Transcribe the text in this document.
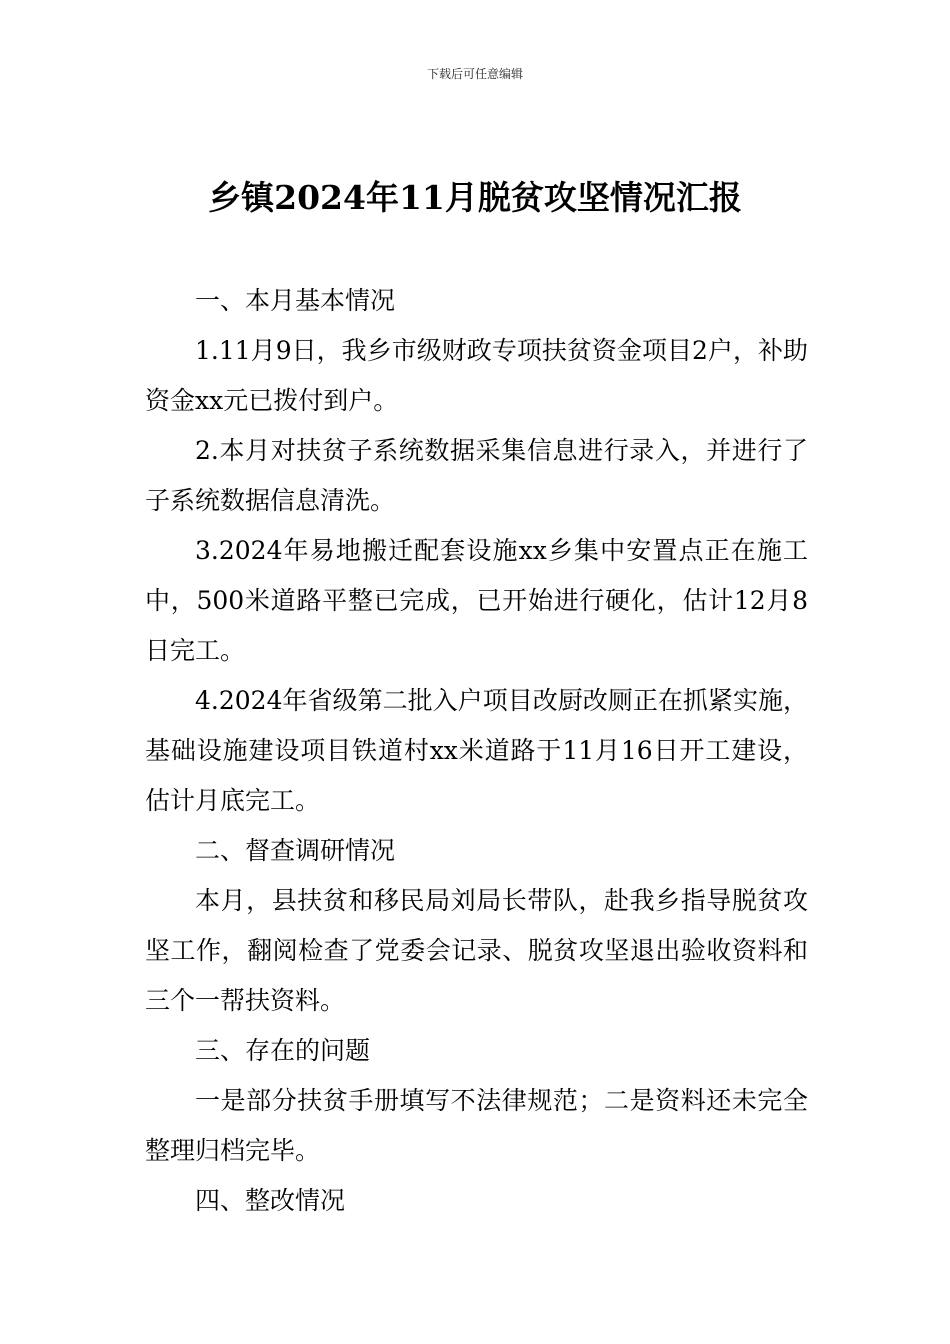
下载后可任意编辑
乡镇2024年11月脱贫攻坚情况汇报

一、本月基本情况

1.11月9日，我乡市级财政专项扶贫资金项目2户，补助资金xx元已拨付到户。

2.本月对扶贫子系统数据采集信息进行录入，并进行了子系统数据信息清洗。

3.2024年易地搬迁配套设施xx乡集中安置点正在施工中，500米道路平整已完成，已开始进行硬化，估计12月8日完工。

4.2024年省级第二批入户项目改厨改厕正在抓紧实施，基础设施建设项目铁道村xx米道路于11月16日开工建设，估计月底完工。

二、督查调研情况

本月，县扶贫和移民局刘局长带队，赴我乡指导脱贫攻坚工作，翻阅检查了党委会记录、脱贫攻坚退出验收资料和三个一帮扶资料。

三、存在的问题

一是部分扶贫手册填写不法律规范；二是资料还未完全整理归档完毕。

四、整改情况
